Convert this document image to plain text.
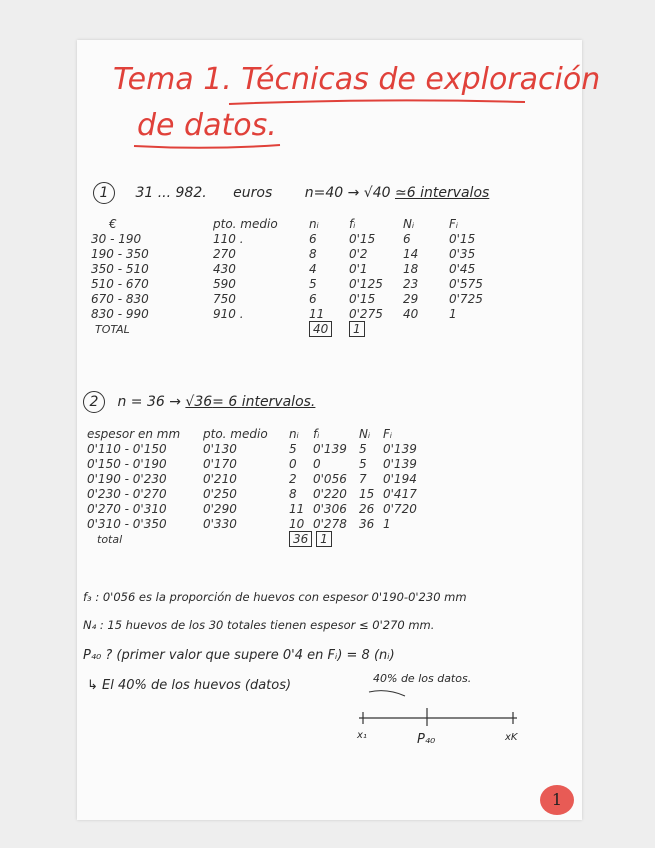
Tema 1. Técnicas de exploración
de datos.
1 31 ... 982. euros n=40 → √40 ≃6 intervalos
€	pto. medio	nᵢ	fᵢ	Nᵢ	Fᵢ
30 - 190	110 .	6	0'15	6	0'15
190 - 350	270	8	0'2	14	0'35
350 - 510	430	4	0'1	18	0'45
510 - 670	590	5	0'125	23	0'575
670 - 830	750	6	0'15	29	0'725
830 - 990	910 .	11	0'275	40	1
TOTAL		40	1		
2 n = 36 → √36= 6 intervalos.
espesor en mm	pto. medio	nᵢ	fᵢ	Nᵢ	Fᵢ
0'110 - 0'150	0'130	5	0'139	5	0'139
0'150 - 0'190	0'170	0	0	5	0'139
0'190 - 0'230	0'210	2	0'056	7	0'194
0'230 - 0'270	0'250	8	0'220	15	0'417
0'270 - 0'310	0'290	11	0'306	26	0'720
0'310 - 0'350	0'330	10	0'278	36	1
total		36 1			
f₃ : 0'056 es la proporción de huevos con espesor 0'190-0'230 mm
N₄ : 15 huevos de los 30 totales tienen espesor ≤ 0'270 mm.
P₄₀ ? (primer valor que supere 0'4 en Fᵢ) = 8 (nᵢ)
↳ El 40% de los huevos (datos)	40% de los datos.
x₁	P₄₀	xK
1
